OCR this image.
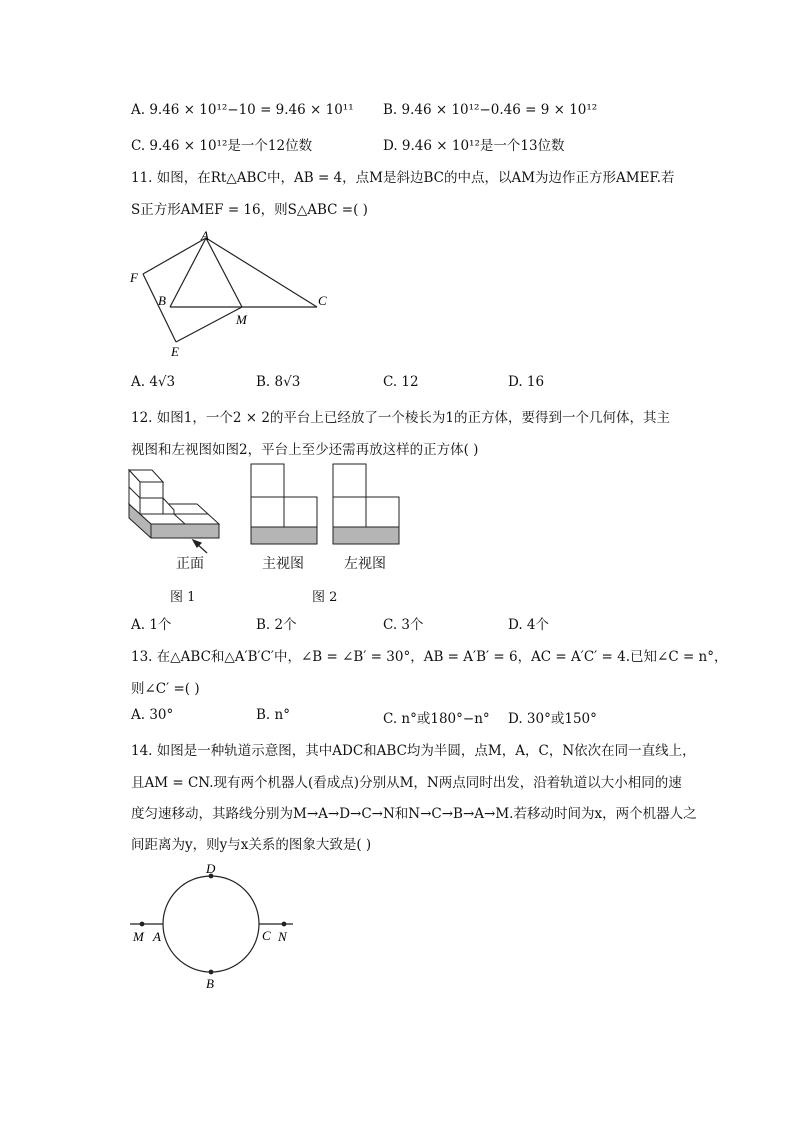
A. 9.46 × 10¹²−10 = 9.46 × 10¹¹ B. 9.46 × 10¹²−0.46 = 9 × 10¹²
C. 9.46 × 10¹²是一个12位数	D. 9.46 × 10¹²是一个13位数
11. 如图，在Rt△ABC中，AB = 4，点M是斜边BC的中点，以AM为边作正方形AMEF.若
S正方形AMEF = 16，则S△ABC =( )
A
F
B
M
C
E
A. 4√3	B. 8√3	C. 12	D. 16
12. 如图1，一个2 × 2的平台上已经放了一个棱长为1的正方体，要得到一个几何体，其主
视图和左视图如图2，平台上至少还需再放这样的正方体( )
正面	主视图	左视图
图 1	图 2
A. 1个	B. 2个	C. 3个	D. 4个
13. 在△ABC和△A′B′C′中，∠B = ∠B′ = 30°，AB = A′B′ = 6，AC = A′C′ = 4.已知∠C = n°，
则∠C′ =( )
A. 30°	B. n°	C. n°或180°−n° D. 30°或150°
14. 如图是一种轨道示意图，其中ADC和ABC均为半圆，点M，A，C，N依次在同一直线上，
且AM = CN.现有两个机器人(看成点)分别从M，N两点同时出发，沿着轨道以大小相同的速
度匀速移动，其路线分别为M→A→D→C→N和N→C→B→A→M.若移动时间为x，两个机器人之
间距离为y，则y与x关系的图象大致是( )
D
M A	C N
B
